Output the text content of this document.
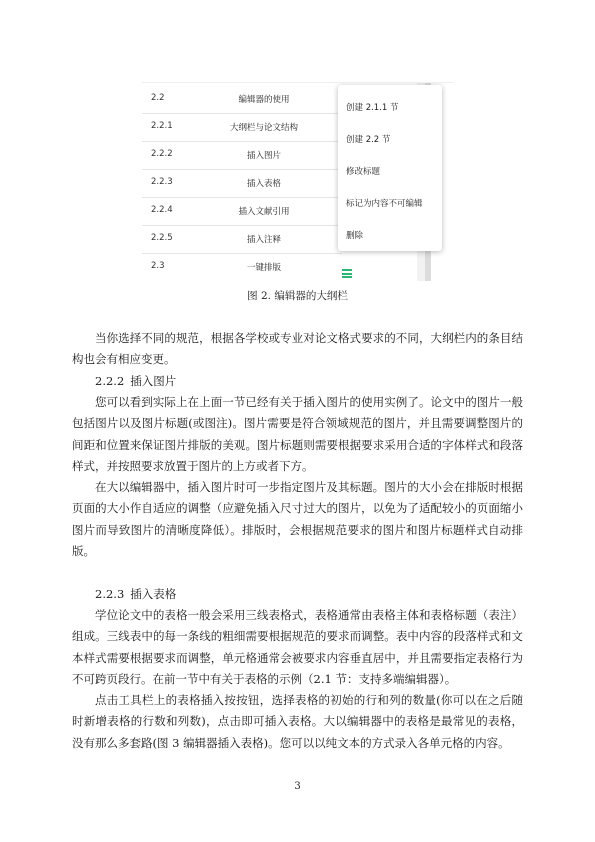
2.2	编辑器的使用
2.2.1	大纲栏与论文结构
2.2.2	插入图片
2.2.3	插入表格
2.2.4	插入文献引用
2.2.5	插入注释
2.3	一键排版
创建 2.1.1 节
创建 2.2 节
修改标题
标记为内容不可编辑
删除
图 2. 编辑器的大纲栏

当你选择不同的规范，根据各学校或专业对论文格式要求的不同，大纲栏内的条目结构也会有相应变更。

2.2.2 插入图片

您可以看到实际上在上面一节已经有关于插入图片的使用实例了。论文中的图片一般包括图片以及图片标题(或图注)。图片需要是符合领域规范的图片，并且需要调整图片的间距和位置来保证图片排版的美观。图片标题则需要根据要求采用合适的字体样式和段落样式，并按照要求放置于图片的上方或者下方。

在大以编辑器中，插入图片时可一步指定图片及其标题。图片的大小会在排版时根据页面的大小作自适应的调整（应避免插入尺寸过大的图片，以免为了适配较小的页面缩小图片而导致图片的清晰度降低）。排版时，会根据规范要求的图片和图片标题样式自动排版。

2.2.3 插入表格

学位论文中的表格一般会采用三线表格式，表格通常由表格主体和表格标题（表注）组成。三线表中的每一条线的粗细需要根据规范的要求而调整。表中内容的段落样式和文本样式需要根据要求而调整，单元格通常会被要求内容垂直居中，并且需要指定表格行为不可跨页段行。在前一节中有关于表格的示例（2.1 节：支持多端编辑器）。

点击工具栏上的表格插入按按钮，选择表格的初始的行和列的数量(你可以在之后随时新增表格的行数和列数)，点击即可插入表格。大以编辑器中的表格是最常见的表格，没有那么多套路(图 3 编辑器插入表格)。您可以以纯文本的方式录入各单元格的内容。

3
